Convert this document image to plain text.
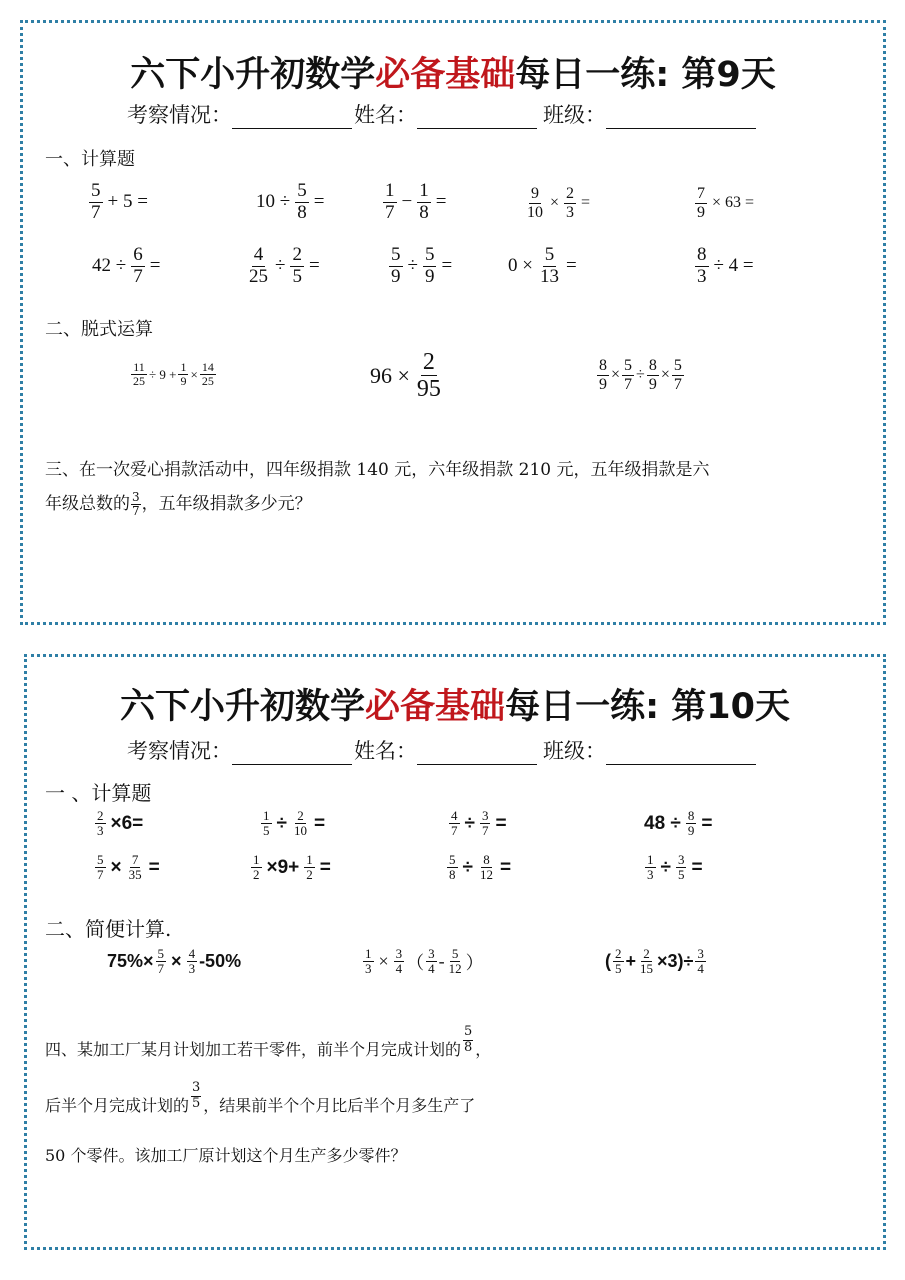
六下小升初数学必备基础每日一练: 第9天
考察情况：	姓名：	班级：
一、计算题
$\frac{5}{7} + 5$ =	$10 \div \frac{5}{8}$ =	$\frac{1}{7} - \frac{1}{8}$ =	$\frac{9}{10} \times \frac{2}{3}$ =	$\frac{7}{9} \times 63$ =
$42 \div \frac{6}{7}$ =	$\frac{4}{25} \div \frac{2}{5}$ =	$\frac{5}{9} \div \frac{5}{9}$ =	$0 \times \frac{5}{13}$ =	$\frac{8}{3} \div 4$ =
二、脱式运算
$\frac{11}{25} \div 9 + \frac{1}{9} \times \frac{14}{25}$	$96 \times \frac{2}{95}$	$\frac{8}{9} \times \frac{5}{7} \div \frac{8}{9} \times \frac{5}{7}$
三、在一次爱心捐款活动中，四年级捐款 140 元，六年级捐款 210 元，五年级捐款是六
年级总数的 $\frac{3}{7}$ ，五年级捐款多少元？
六下小升初数学必备基础每日一练: 第10天
考察情况：	姓名：	班级：
一 、计算题
$\frac{2}{3} \times 6=$	$\frac{1}{5} \div \frac{2}{10}$ =	$\frac{4}{7} \div \frac{3}{7}$ =	$48 \div \frac{8}{9}$ =
$\frac{5}{7} \times \frac{7}{35}$ =	$\frac{1}{2} \times 9+ \frac{1}{2}$ =	$\frac{5}{8} \div \frac{8}{12}$ =	$\frac{1}{3} \div \frac{3}{5}$ =
二、简便计算.
$75\%\times \frac{5}{7} \times \frac{4}{3} -50\%$	$\frac{1}{3} \times \frac{3}{4}$ （ $\frac{3}{4} - \frac{5}{12}$ ）	( $\frac{2}{5} + \frac{2}{15} \times 3)\div \frac{3}{4}$
四、某加工厂某月计划加工若干零件，前半个月完成计划的 $\frac{5}{8}$ ，
后半个月完成计划的 $\frac{3}{5}$ ，结果前半个个月比后半个月多生产了
50 个零件。该加工厂原计划这个月生产多少零件？
